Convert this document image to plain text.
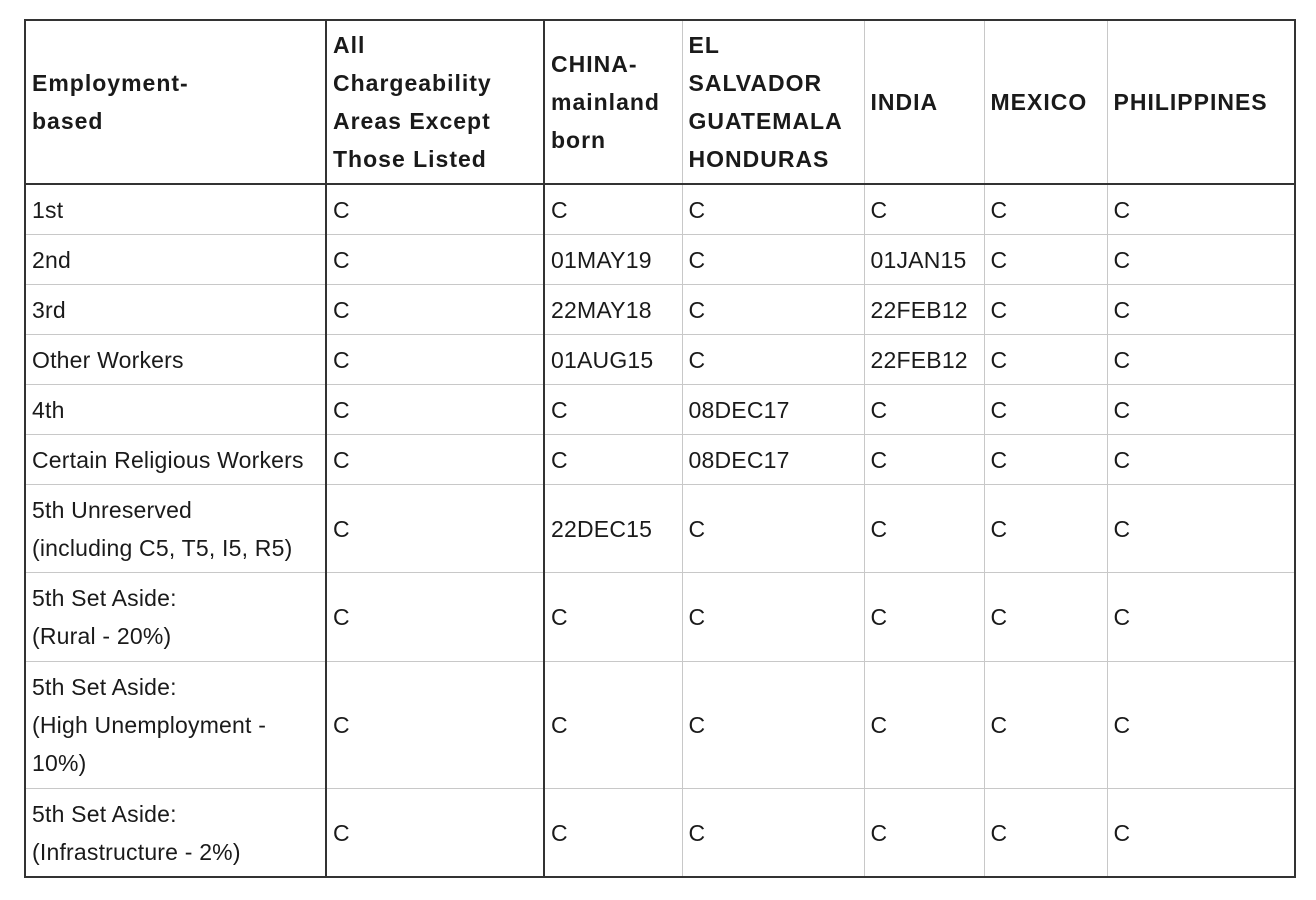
Employment-
based	All
Chargeability
Areas Except
Those Listed	CHINA-
mainland
born	EL
SALVADOR
GUATEMALA
HONDURAS	INDIA	MEXICO	PHILIPPINES
1st	C	C	C	C	C	C
2nd	C	01MAY19	C	01JAN15	C	C
3rd	C	22MAY18	C	22FEB12	C	C
Other Workers	C	01AUG15	C	22FEB12	C	C
4th	C	C	08DEC17	C	C	C
Certain Religious Workers	C	C	08DEC17	C	C	C
5th Unreserved
(including C5, T5, I5, R5)	C	22DEC15	C	C	C	C
5th Set Aside:
(Rural - 20%)	C	C	C	C	C	C
5th Set Aside:
(High Unemployment -
10%)	C	C	C	C	C	C
5th Set Aside:
(Infrastructure - 2%)	C	C	C	C	C	C
